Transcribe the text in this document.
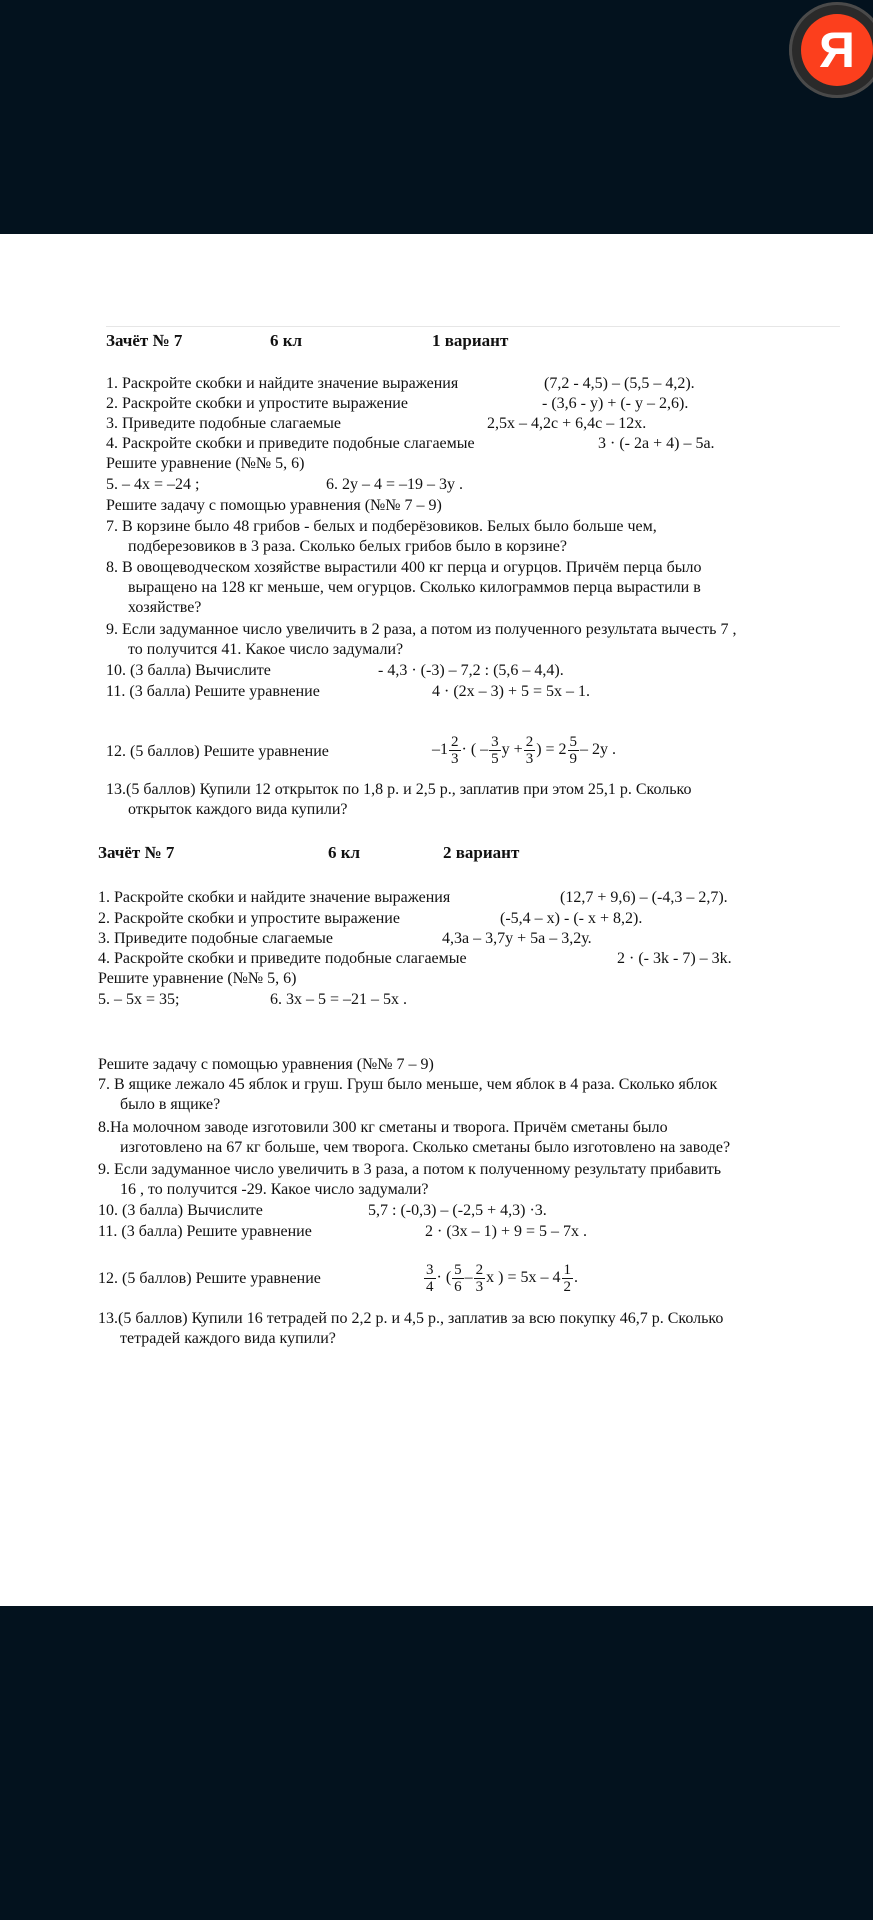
Я
Зачёт № 7	6 кл	1 вариант
1. Раскройте скобки и найдите значение выражения	(7,2 - 4,5) – (5,5 – 4,2).
2. Раскройте скобки и упростите выражение	- (3,6 - у) + (- у – 2,6).
3. Приведите подобные слагаемые	2,5х – 4,2с + 6,4с – 12х.
4. Раскройте скобки и приведите подобные слагаемые	3 · (- 2а + 4) – 5а.
Решите уравнение (№№ 5, 6)
5. – 4х = –24 ;	6. 2у – 4 = –19 – 3у .
Решите задачу с помощью уравнения (№№ 7 – 9)
7. В корзине было 48 грибов - белых и подберёзовиков. Белых было больше чем,
подберезовиков в 3 раза. Сколько белых грибов было в корзине?
8. В овощеводческом хозяйстве вырастили 400 кг перца и огурцов. Причём перца было
выращено на 128 кг меньше, чем огурцов. Сколько килограммов перца вырастили в
хозяйстве?
9. Если задуманное число увеличить в 2 раза, а потом из полученного результата вычесть 7 ,
то получится 41. Какое число задумали?
10. (3 балла) Вычислите	- 4,3 · (-3) – 7,2 : (5,6 – 4,4).
11. (3 балла) Решите уравнение	4 · (2х – 3) + 5 = 5х – 1.
12. (5 баллов) Решите уравнение	$-1 \frac{2}{3}$ · ( – $\frac{3}{5}$ $у + \frac{2}{3}$ ) = $2 \frac{5}{9} - 2у$ .
13.(5 баллов) Купили 12 открыток по 1,8 р. и 2,5 р., заплатив при этом 25,1 р. Сколько
открыток каждого вида купили?
Зачёт № 7	6 кл	2 вариант
1. Раскройте скобки и найдите значение выражения	(12,7 + 9,6) – (-4,3 – 2,7).
2. Раскройте скобки и упростите выражение	(-5,4 – х) - (- х + 8,2).
3. Приведите подобные слагаемые	4,3а – 3,7у + 5а – 3,2у.
4. Раскройте скобки и приведите подобные слагаемые	2 · (- 3k - 7) – 3k.
Решите уравнение (№№ 5, 6)
5. – 5х = 35;	6. 3х – 5 = –21 – 5х .
Решите задачу с помощью уравнения (№№ 7 – 9)
7. В ящике лежало 45 яблок и груш. Груш было меньше, чем яблок в 4 раза. Сколько яблок
было в ящике?
8.На молочном заводе изготовили 300 кг сметаны и творога. Причём сметаны было
изготовлено на 67 кг больше, чем творога. Сколько сметаны было изготовлено на заводе?
9. Если задуманное число увеличить в 3 раза, а потом к полученному результату прибавить
16 , то получится -29. Какое число задумали?
10. (3 балла) Вычислите	5,7 : (-0,3) – (-2,5 + 4,3) ·3.
11. (3 балла) Решите уравнение	2 · (3х – 1) + 9 = 5 – 7х .
12. (5 баллов) Решите уравнение	$\frac{3}{4}$ · ( $\frac{5}{6} - \frac{2}{3}$ х ) = $5х - 4 \frac{1}{2}$ .
13.(5 баллов) Купили 16 тетрадей по 2,2 р. и 4,5 р., заплатив за всю покупку 46,7 р. Сколько
тетрадей каждого вида купили?
